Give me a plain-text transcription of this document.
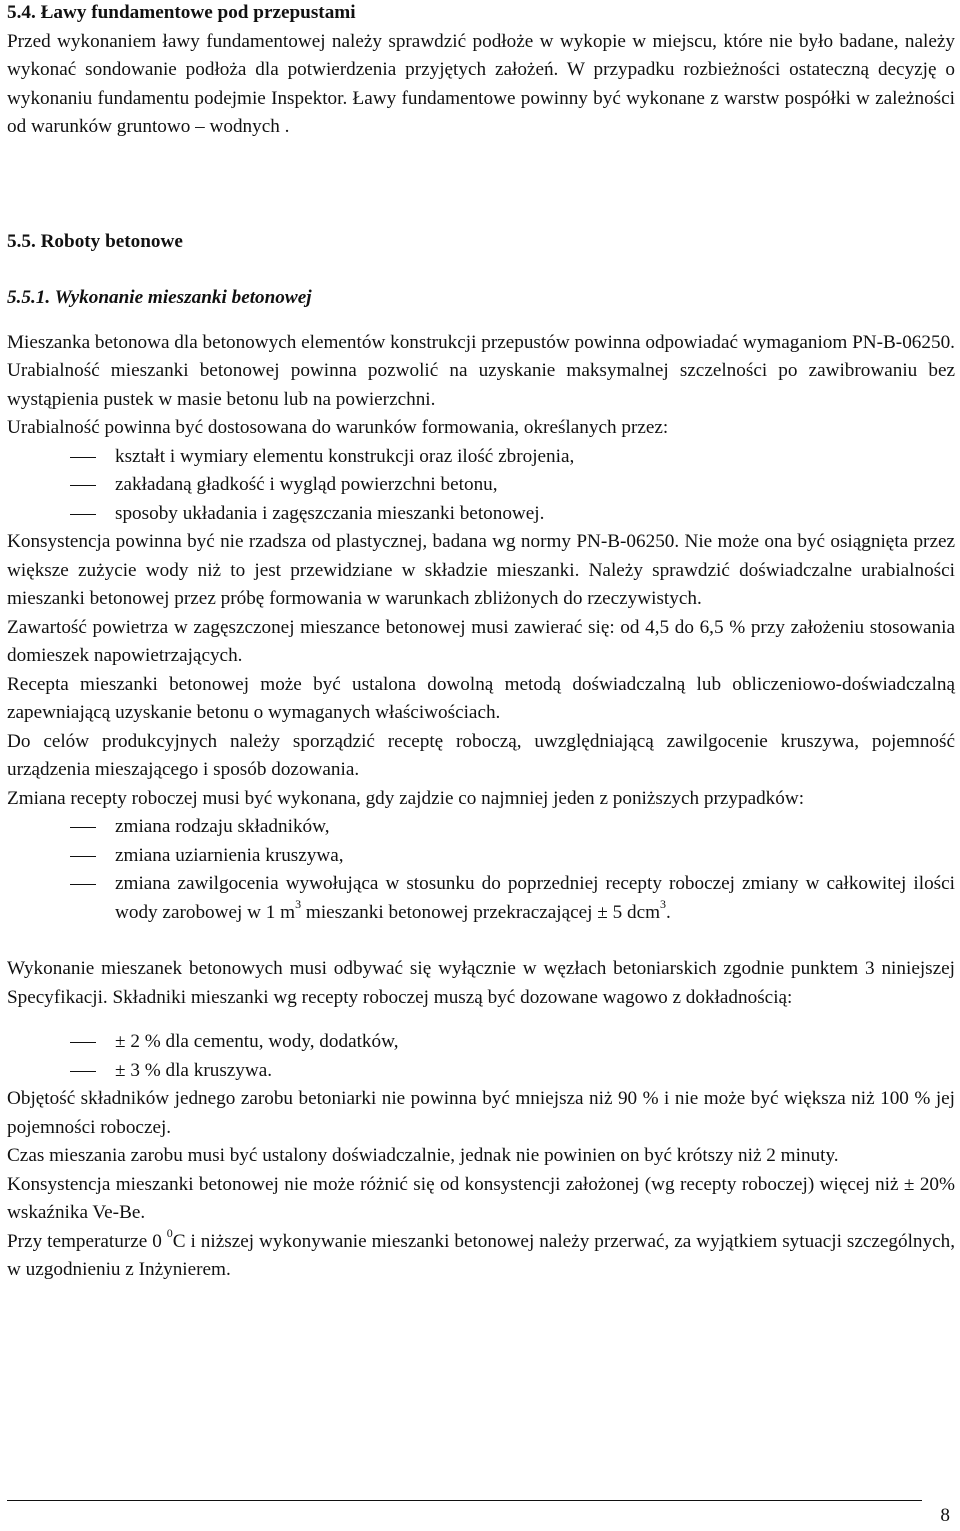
5.4. Ławy fundamentowe pod przepustami

Przed wykonaniem ławy fundamentowej należy sprawdzić podłoże w wykopie w miejscu, które nie było badane, należy wykonać sondowanie podłoża dla potwierdzenia przyjętych założeń. W przypadku rozbieżności ostateczną decyzję o wykonaniu fundamentu podejmie Inspektor. Ławy fundamentowe powinny być wykonane z warstw pospółki w zależności od warunków gruntowo – wodnych .

5.5. Roboty betonowe

5.5.1. Wykonanie mieszanki betonowej

Mieszanka betonowa dla betonowych elementów konstrukcji przepustów powinna odpowiadać wymaganiom PN-B-06250.

Urabialność mieszanki betonowej powinna pozwolić na uzyskanie maksymalnej szczelności po zawibrowaniu bez wystąpienia pustek w masie betonu lub na powierzchni.

Urabialność powinna być dostosowana do warunków formowania, określanych przez:

kształt i wymiary elementu konstrukcji oraz ilość zbrojenia,
zakładaną gładkość i wygląd powierzchni betonu,
sposoby układania i zagęszczania mieszanki betonowej.

Konsystencja powinna być nie rzadsza od plastycznej, badana wg normy PN-B-06250. Nie może ona być osiągnięta przez większe zużycie wody niż to jest przewidziane w składzie mieszanki. Należy sprawdzić doświadczalne urabialności mieszanki betonowej przez próbę formowania w warunkach zbliżonych do rzeczywistych.

Zawartość powietrza w zagęszczonej mieszance betonowej musi zawierać się: od 4,5 do 6,5 % przy założeniu stosowania domieszek napowietrzających.

Recepta mieszanki betonowej może być ustalona dowolną metodą doświadczalną lub obliczeniowo-doświadczalną zapewniającą uzyskanie betonu o wymaganych właściwościach.

Do celów produkcyjnych należy sporządzić receptę roboczą, uwzględniającą zawilgocenie kruszywa, pojemność urządzenia mieszającego i sposób dozowania.

Zmiana recepty roboczej musi być wykonana, gdy zajdzie co najmniej jeden z poniższych przypadków:

zmiana rodzaju składników,
zmiana uziarnienia kruszywa,
zmiana zawilgocenia wywołująca w stosunku do poprzedniej recepty roboczej zmiany w całkowitej ilości wody zarobowej w 1 $m^3$ mieszanki betonowej przekraczającej ± 5 dcm$^3$.

Wykonanie mieszanek betonowych musi odbywać się wyłącznie w węzłach betoniarskich zgodnie punktem 3 niniejszej Specyfikacji. Składniki mieszanki wg recepty roboczej muszą być dozowane wagowo z dokładnością:

± 2 % dla cementu, wody, dodatków,
± 3 % dla kruszywa.

Objętość składników jednego zarobu betoniarki nie powinna być mniejsza niż 90 % i nie może być większa niż 100 % jej pojemności roboczej.

Czas mieszania zarobu musi być ustalony doświadczalnie, jednak nie powinien on być krótszy niż 2 minuty.

Konsystencja mieszanki betonowej nie może różnić się od konsystencji założonej (wg recepty roboczej) więcej niż ± 20% wskaźnika Ve-Be.

Przy temperaturze 0 $^0$C i niższej wykonywanie mieszanki betonowej należy przerwać, za wyjątkiem sytuacji szczególnych, w uzgodnieniu z Inżynierem.

8
